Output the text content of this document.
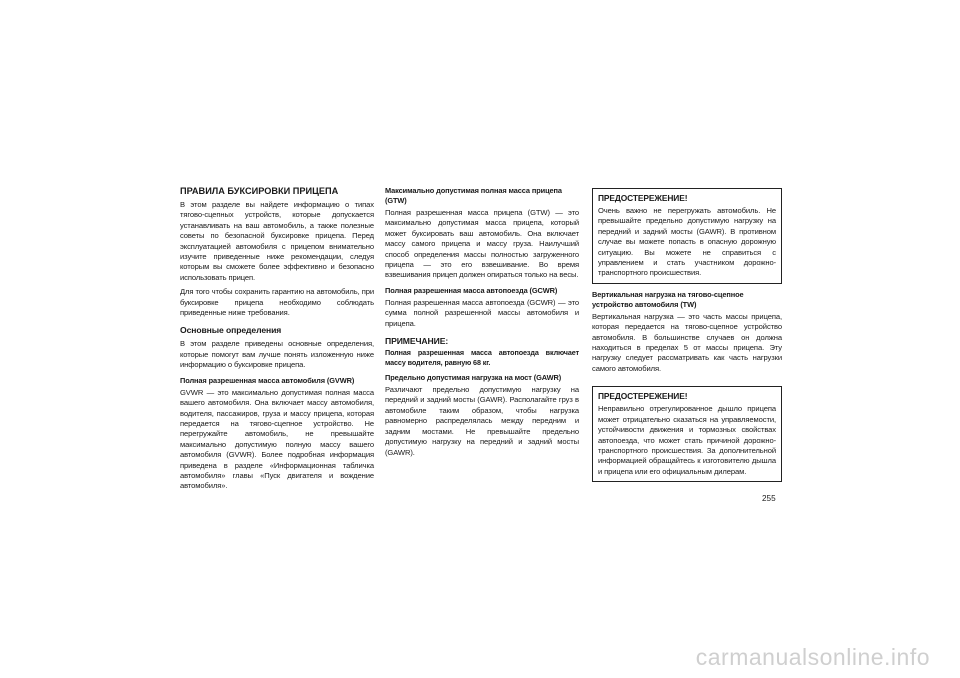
ПРАВИЛА БУКСИРОВКИ ПРИЦЕПА

В этом разделе вы найдете информацию о типах тягово-сцепных устройств, которые допускается устанавливать на ваш автомобиль, а также полезные советы по безопасной буксировке прицепа. Перед эксплуатацией автомобиля с прицепом внимательно изучите приведенные ниже рекомендации, следуя которым вы сможете более эффективно и безопасно использовать прицеп.

Для того чтобы сохранить гарантию на автомобиль, при буксировке прицепа необходимо соблюдать приведенные ниже требования.

Основные определения

В этом разделе приведены основные определения, которые помогут вам лучше понять изложенную ниже информацию о буксировке прицепа.

Полная разрешенная масса автомобиля (GVWR)

GVWR — это максимально допустимая полная масса вашего автомобиля. Она включает массу автомобиля, водителя, пассажиров, груза и массу прицепа, которая передается на тягово-сцепное устройство. Не перегружайте автомобиль, не превышайте максимально допустимую полную массу вашего автомобиля (GVWR). Более подробная информация приведена в разделе «Информационная табличка автомобиля» главы «Пуск двигателя и вождение автомобиля».

Максимально допустимая полная масса прицепа (GTW)

Полная разрешенная масса прицепа (GTW) — это максимально допустимая масса прицепа, который может буксировать ваш автомобиль. Она включает массу самого прицепа и массу груза. Наилучший способ определения массы полностью загруженного прицепа — это его взвешивание. Во время взвешивания прицеп должен опираться только на весы.

Полная разрешенная масса автопоезда (GCWR)

Полная разрешенная масса автопоезда (GCWR) — это сумма полной разрешенной массы автомобиля и прицепа.

ПРИМЕЧАНИЕ:

Полная разрешенная масса автопоезда включает массу водителя, равную 68 кг.

Предельно допустимая нагрузка на мост (GAWR)

Различают предельно допустимую нагрузку на передний и задний мосты (GAWR). Располагайте груз в автомобиле таким образом, чтобы нагрузка равномерно распределялась между передним и задним мостами. Не превышайте предельно допустимую нагрузку на передний и задний мосты (GAWR).

ПРЕДОСТЕРЕЖЕНИЕ!

Очень важно не перегружать автомобиль. Не превышайте предельно допустимую нагрузку на передний и задний мосты (GAWR). В противном случае вы можете попасть в опасную дорожную ситуацию. Вы можете не справиться с управлением и стать участником дорожно-транспортного происшествия.

Вертикальная нагрузка на тягово-сцепное устройство автомобиля (TW)

Вертикальная нагрузка — это часть массы прицепа, которая передается на тягово-сцепное устройство автомобиля. В большинстве случаев он должна находиться в пределах 5 от массы прицепа. Эту нагрузку следует рассматривать как часть нагрузки самого автомобиля.

ПРЕДОСТЕРЕЖЕНИЕ!

Неправильно отрегулированное дышло прицепа может отрицательно сказаться на управляемости, устойчивости движения и тормозных свойствах автопоезда, что может стать причиной дорожно-транспортного происшествия. За дополнительной информацией обращайтесь к изготовителю дышла и прицепа или его официальным дилерам.

255
carmanualsonline.info
